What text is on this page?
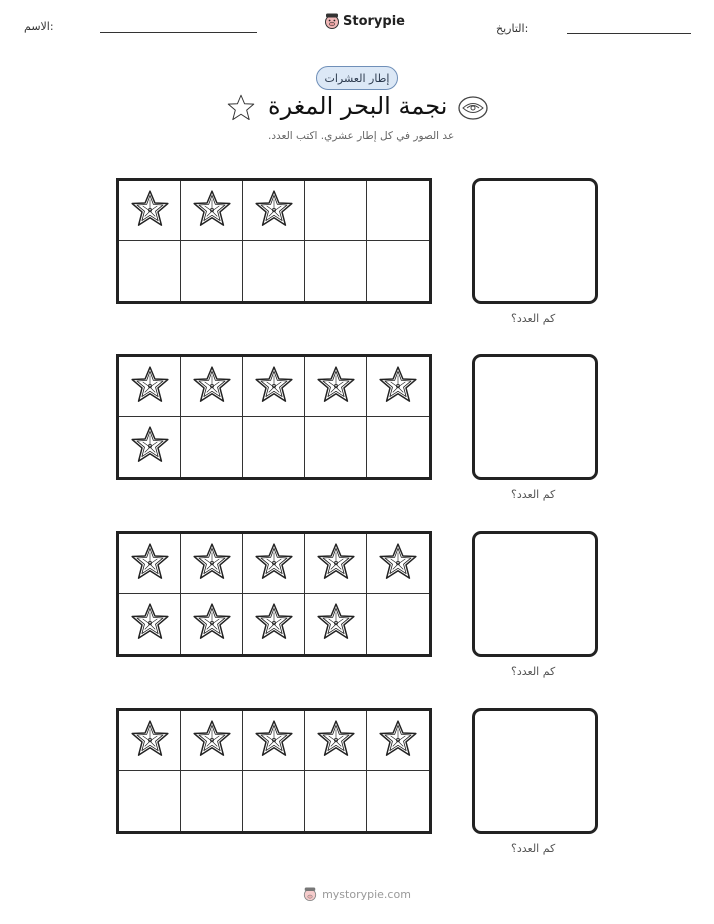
الاسم:	Storypie	التاريخ:
إطار العشرات
نجمة البحر المغرة
عد الصور في كل إطار عشري. اكتب العدد.
كم العدد؟
كم العدد؟
كم العدد؟
كم العدد؟
mystorypie.com
